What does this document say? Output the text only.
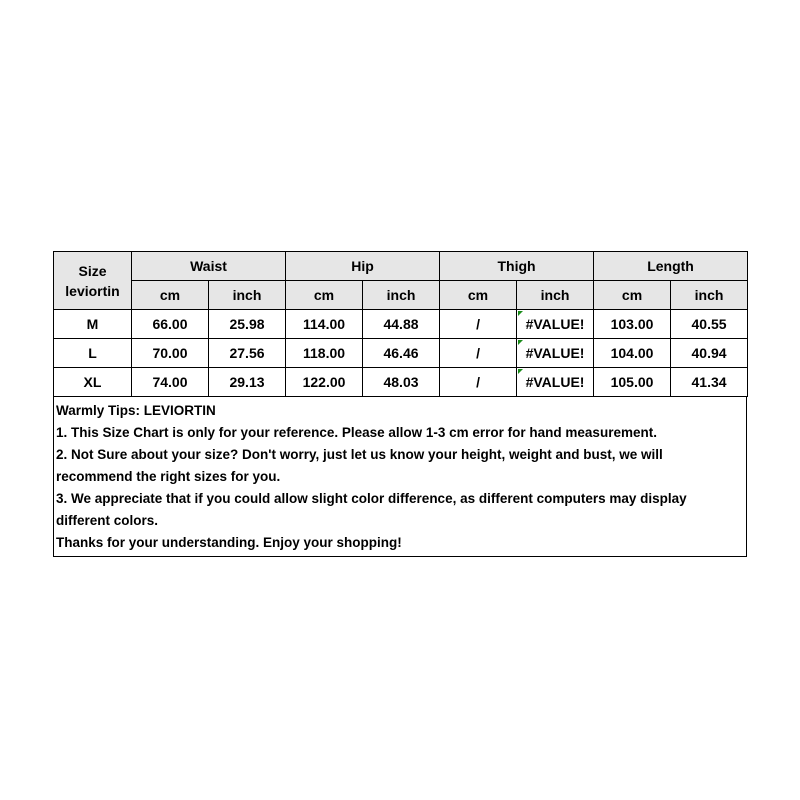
Size
leviortin	Waist		Hip		Thigh		Length	
	cm	inch	cm	inch	cm	inch	cm	inch
M	66.00	25.98	114.00	44.88	/	#VALUE!	103.00	40.55
L	70.00	27.56	118.00	46.46	/	#VALUE!	104.00	40.94
XL	74.00	29.13	122.00	48.03	/	#VALUE!	105.00	41.34

Warmly Tips: LEVIORTIN

1. This Size Chart is only for your reference. Please allow 1-3 cm error for hand measurement.

2. Not Sure about your size? Don't worry, just let us know your height, weight and bust, we will

recommend the right sizes for you.

3. We appreciate that if you could allow slight color difference, as different computers may display

different colors.

Thanks for your understanding. Enjoy your shopping!
